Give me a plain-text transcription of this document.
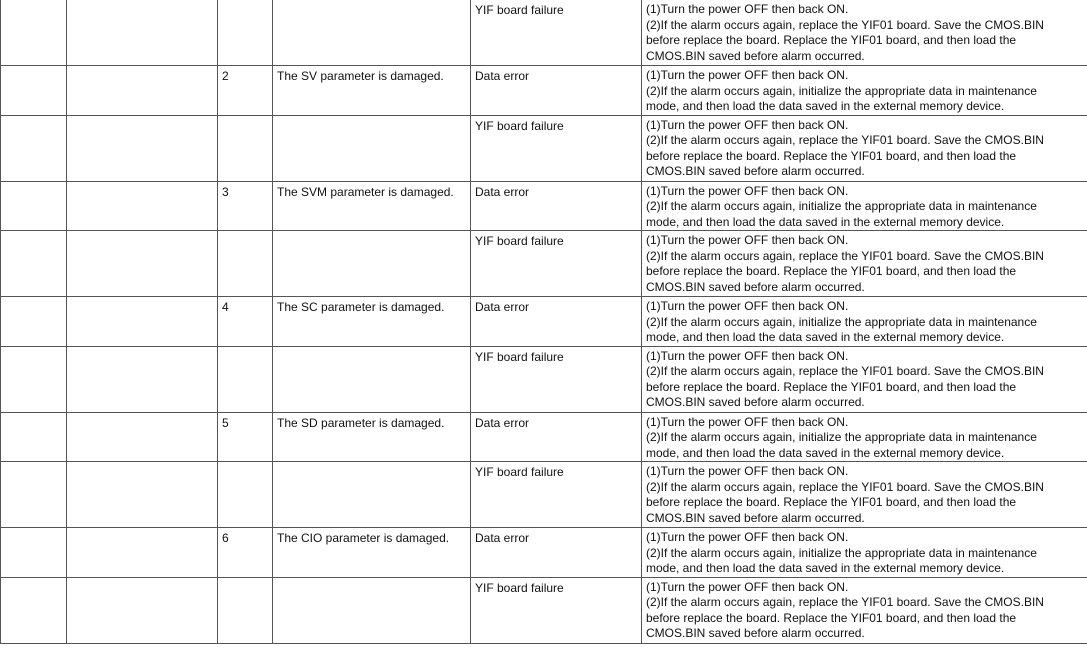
				YIF board failure	(1)Turn the power OFF then back ON.
(2)If the alarm occurs again, replace the YIF01 board. Save the CMOS.BIN
before replace the board. Replace the YIF01 board, and then load the
CMOS.BIN saved before alarm occurred.

		2	The SV parameter is damaged.	Data error	(1)Turn the power OFF then back ON.
(2)If the alarm occurs again, initialize the appropriate data in maintenance
mode, and then load the data saved in the external memory device.

				YIF board failure	(1)Turn the power OFF then back ON.
(2)If the alarm occurs again, replace the YIF01 board. Save the CMOS.BIN
before replace the board. Replace the YIF01 board, and then load the
CMOS.BIN saved before alarm occurred.

		3	The SVM parameter is damaged.	Data error	(1)Turn the power OFF then back ON.
(2)If the alarm occurs again, initialize the appropriate data in maintenance
mode, and then load the data saved in the external memory device.

				YIF board failure	(1)Turn the power OFF then back ON.
(2)If the alarm occurs again, replace the YIF01 board. Save the CMOS.BIN
before replace the board. Replace the YIF01 board, and then load the
CMOS.BIN saved before alarm occurred.

		4	The SC parameter is damaged.	Data error	(1)Turn the power OFF then back ON.
(2)If the alarm occurs again, initialize the appropriate data in maintenance
mode, and then load the data saved in the external memory device.

				YIF board failure	(1)Turn the power OFF then back ON.
(2)If the alarm occurs again, replace the YIF01 board. Save the CMOS.BIN
before replace the board. Replace the YIF01 board, and then load the
CMOS.BIN saved before alarm occurred.

		5	The SD parameter is damaged.	Data error	(1)Turn the power OFF then back ON.
(2)If the alarm occurs again, initialize the appropriate data in maintenance
mode, and then load the data saved in the external memory device.

				YIF board failure	(1)Turn the power OFF then back ON.
(2)If the alarm occurs again, replace the YIF01 board. Save the CMOS.BIN
before replace the board. Replace the YIF01 board, and then load the
CMOS.BIN saved before alarm occurred.

		6	The CIO parameter is damaged.	Data error	(1)Turn the power OFF then back ON.
(2)If the alarm occurs again, initialize the appropriate data in maintenance
mode, and then load the data saved in the external memory device.

				YIF board failure	(1)Turn the power OFF then back ON.
(2)If the alarm occurs again, replace the YIF01 board. Save the CMOS.BIN
before replace the board. Replace the YIF01 board, and then load the
CMOS.BIN saved before alarm occurred.
